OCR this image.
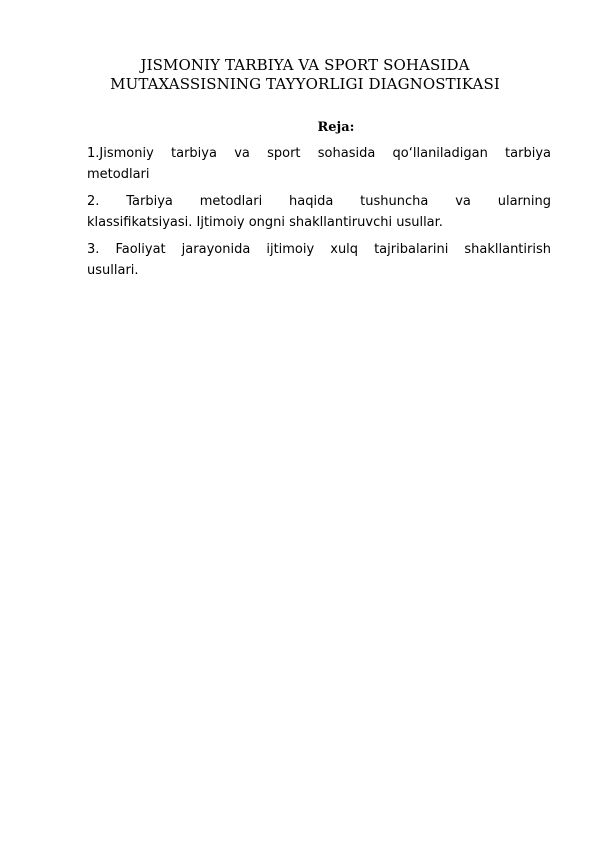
JISMONIY TARBIYA VA SPORT SOHASIDA
MUTAXASSISNING TAYYORLIGI DIAGNOSTIKASI
Reja:
1.Jismoniy tarbiya va sport sohasida qo‘llaniladigan tarbiya
metodlari
2. Tarbiya metodlari haqida tushuncha va ularning
klassifikatsiyasi. Ijtimoiy ongni shakllantiruvchi usullar.
3. Faoliyat jarayonida ijtimoiy xulq tajribalarini shakllantirish
usullari.
